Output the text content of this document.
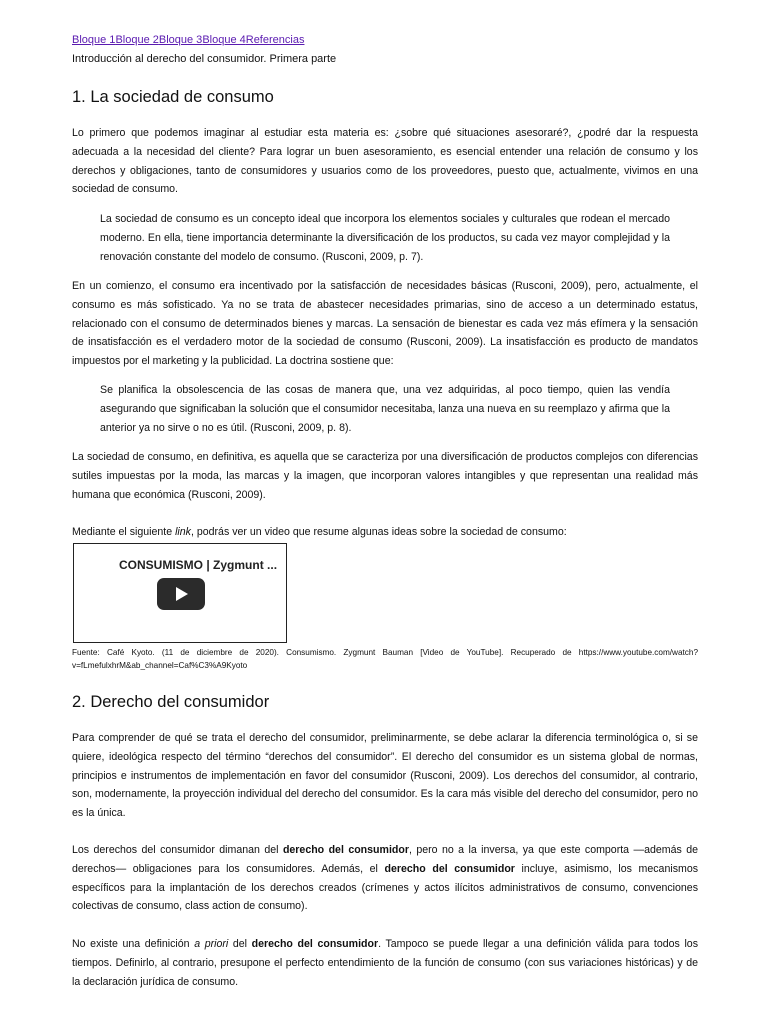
Bloque 1Bloque 2Bloque 3Bloque 4Referencias
Introducción al derecho del consumidor. Primera parte
1. La sociedad de consumo

Lo primero que podemos imaginar al estudiar esta materia es: ¿sobre qué situaciones asesoraré?, ¿podré dar la respuesta adecuada a la necesidad del cliente? Para lograr un buen asesoramiento, es esencial entender una relación de consumo y los derechos y obligaciones, tanto de consumidores y usuarios como de los proveedores, puesto que, actualmente, vivimos en una sociedad de consumo.

La sociedad de consumo es un concepto ideal que incorpora los elementos sociales y culturales que rodean el mercado moderno. En ella, tiene importancia determinante la diversificación de los productos, su cada vez mayor complejidad y la renovación constante del modelo de consumo. (Rusconi, 2009, p. 7).

En un comienzo, el consumo era incentivado por la satisfacción de necesidades básicas (Rusconi, 2009), pero, actualmente, el consumo es más sofisticado. Ya no se trata de abastecer necesidades primarias, sino de acceso a un determinado estatus, relacionado con el consumo de determinados bienes y marcas. La sensación de bienestar es cada vez más efímera y la sensación de insatisfacción es el verdadero motor de la sociedad de consumo (Rusconi, 2009). La insatisfacción es producto de mandatos impuestos por el marketing y la publicidad. La doctrina sostiene que:

Se planifica la obsolescencia de las cosas de manera que, una vez adquiridas, al poco tiempo, quien las vendía asegurando que significaban la solución que el consumidor necesitaba, lanza una nueva en su reemplazo y afirma que la anterior ya no sirve o no es útil. (Rusconi, 2009, p. 8).

La sociedad de consumo, en definitiva, es aquella que se caracteriza por una diversificación de productos complejos con diferencias sutiles impuestas por la moda, las marcas y la imagen, que incorporan valores intangibles y que representan una realidad más humana que económica (Rusconi, 2009).

Mediante el siguiente link, podrás ver un video que resume algunas ideas sobre la sociedad de consumo:

CONSUMISMO | Zygmunt ...
Fuente: Café Kyoto. (11 de diciembre de 2020). Consumismo. Zygmunt Bauman [Video de YouTube]. Recuperado de https://www.youtube.com/watch?v=fLmefulxhrM&ab_channel=Caf%C3%A9Kyoto
2. Derecho del consumidor

Para comprender de qué se trata el derecho del consumidor, preliminarmente, se debe aclarar la diferencia terminológica o, si se quiere, ideológica respecto del término “derechos del consumidor”. El derecho del consumidor es un sistema global de normas, principios e instrumentos de implementación en favor del consumidor (Rusconi, 2009). Los derechos del consumidor, al contrario, son, modernamente, la proyección individual del derecho del consumidor. Es la cara más visible del derecho del consumidor, pero no es la única.

Los derechos del consumidor dimanan del derecho del consumidor, pero no a la inversa, ya que este comporta —además de derechos— obligaciones para los consumidores. Además, el derecho del consumidor incluye, asimismo, los mecanismos específicos para la implantación de los derechos creados (crímenes y actos ilícitos administrativos de consumo, convenciones colectivas de consumo, class action de consumo).

No existe una definición a priori del derecho del consumidor. Tampoco se puede llegar a una definición válida para todos los tiempos. Definirlo, al contrario, presupone el perfecto entendimiento de la función de consumo (con sus variaciones históricas) y de la declaración jurídica de consumo.
